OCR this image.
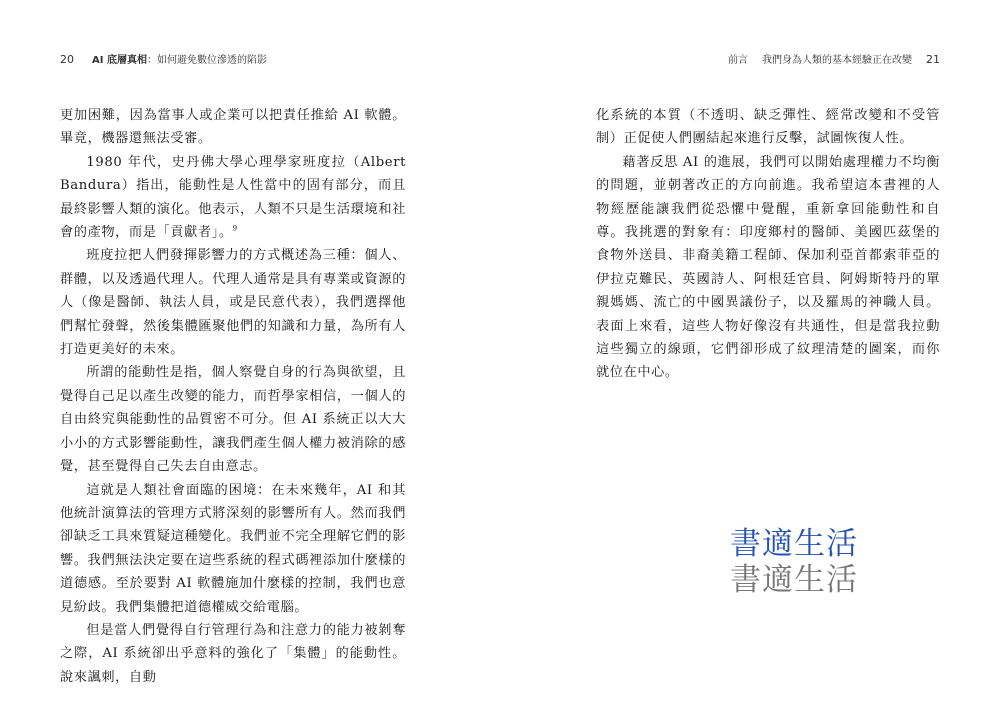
20 AI 底層真相：如何避免數位滲透的陷影

更加困難，因為當事人或企業可以把責任推給 AI 軟體。畢竟，機器還無法受審。

1980 年代，史丹佛大學心理學家班度拉（Albert Bandura）指出，能動性是人性當中的固有部分，而且最終影響人類的演化。他表示，人類不只是生活環境和社會的產物，而是「貢獻者」。$^9$

班度拉把人們發揮影響力的方式概述為三種：個人、群體，以及透過代理人。代理人通常是具有專業或資源的人（像是醫師、執法人員，或是民意代表），我們選擇他們幫忙發聲，然後集體匯聚他們的知識和力量，為所有人打造更美好的未來。

所謂的能動性是指，個人察覺自身的行為與欲望，且覺得自己足以產生改變的能力，而哲學家相信，一個人的自由終究與能動性的品質密不可分。但 AI 系統正以大大小小的方式影響能動性，讓我們產生個人權力被消除的感覺，甚至覺得自己失去自由意志。

這就是人類社會面臨的困境：在未來幾年，AI 和其他統計演算法的管理方式將深刻的影響所有人。然而我們卻缺乏工具來質疑這種變化。我們並不完全理解它們的影響。我們無法決定要在這些系統的程式碼裡添加什麼樣的道德感。至於要對 AI 軟體施加什麼樣的控制，我們也意見紛歧。我們集體把道德權威交給電腦。

但是當人們覺得自行管理行為和注意力的能力被剝奪之際，AI 系統卻出乎意料的強化了「集體」的能動性。說來諷刺，自動

前言 我們身為人類的基本經驗正在改變 21

化系統的本質（不透明、缺乏彈性、經常改變和不受管制）正促使人們團結起來進行反擊，試圖恢復人性。

藉著反思 AI 的進展，我們可以開始處理權力不均衡的問題，並朝著改正的方向前進。我希望這本書裡的人物經歷能讓我們從恐懼中覺醒，重新拿回能動性和自尊。我挑選的對象有：印度鄉村的醫師、美國匹茲堡的食物外送員、非裔美籍工程師、保加利亞首都索菲亞的伊拉克難民、英國詩人、阿根廷官員、阿姆斯特丹的單親媽媽、流亡的中國異議份子，以及羅馬的神職人員。表面上來看，這些人物好像沒有共通性，但是當我拉動這些獨立的線頭，它們卻形成了紋理清楚的圖案，而你就位在中心。

書適生活
書適生活
